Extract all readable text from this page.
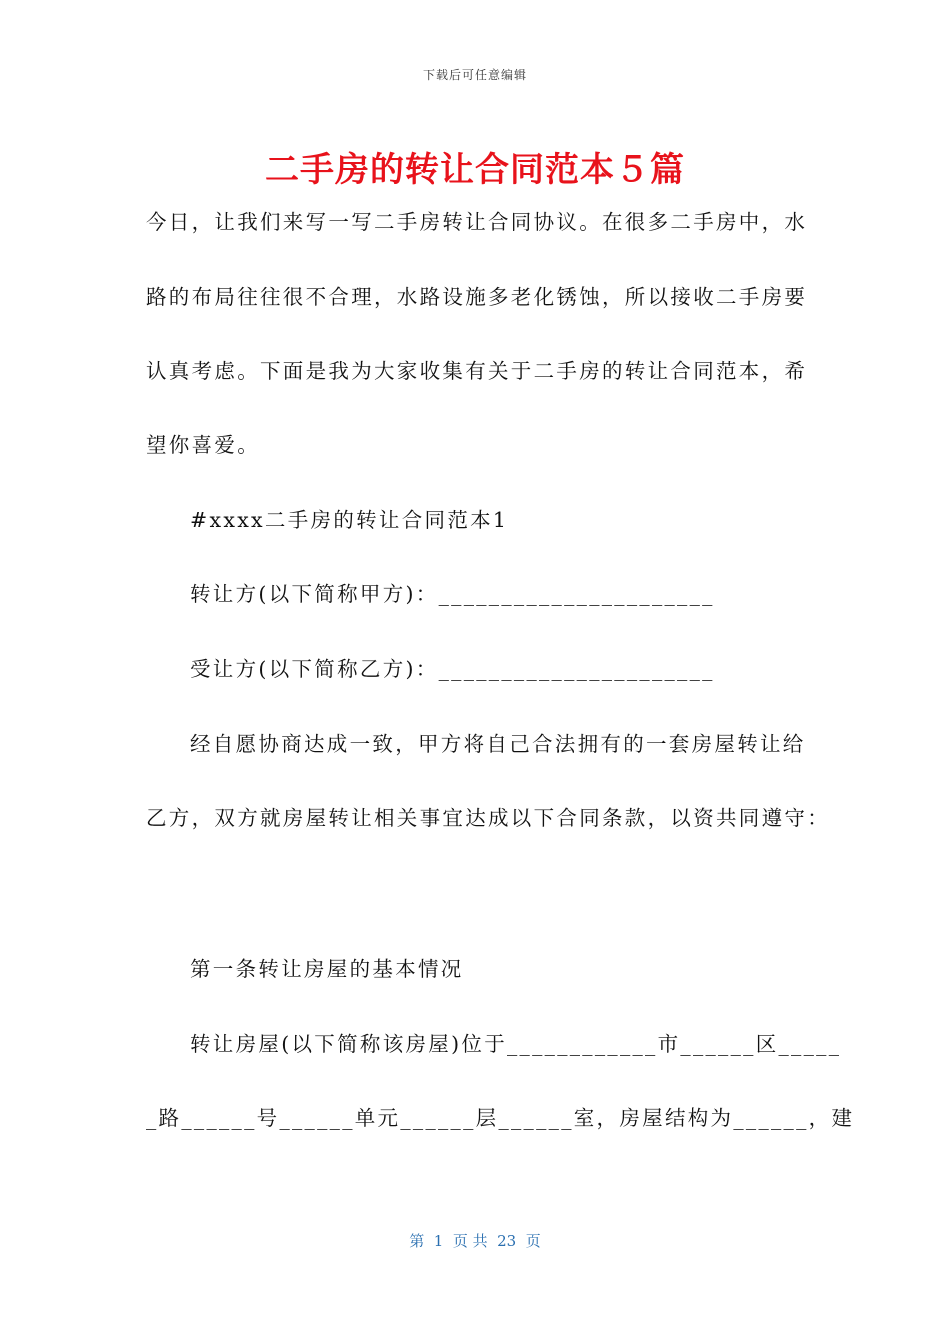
下载后可任意编辑
二手房的转让合同范本５篇

今日，让我们来写一写二手房转让合同协议。在很多二手房中，水

路的布局往往很不合理，水路设施多老化锈蚀，所以接收二手房要

认真考虑。下面是我为大家收集有关于二手房的转让合同范本，希

望你喜爱。

#xxxx二手房的转让合同范本1

转让方(以下简称甲方)：______________________

受让方(以下简称乙方)：______________________

经自愿协商达成一致，甲方将自己合法拥有的一套房屋转让给

乙方，双方就房屋转让相关事宜达成以下合同条款，以资共同遵守：

第一条转让房屋的基本情况

转让房屋(以下简称该房屋)位于____________市______区_____

_路______号______单元______层______室，房屋结构为______，建

第  1  页 共  23  页
